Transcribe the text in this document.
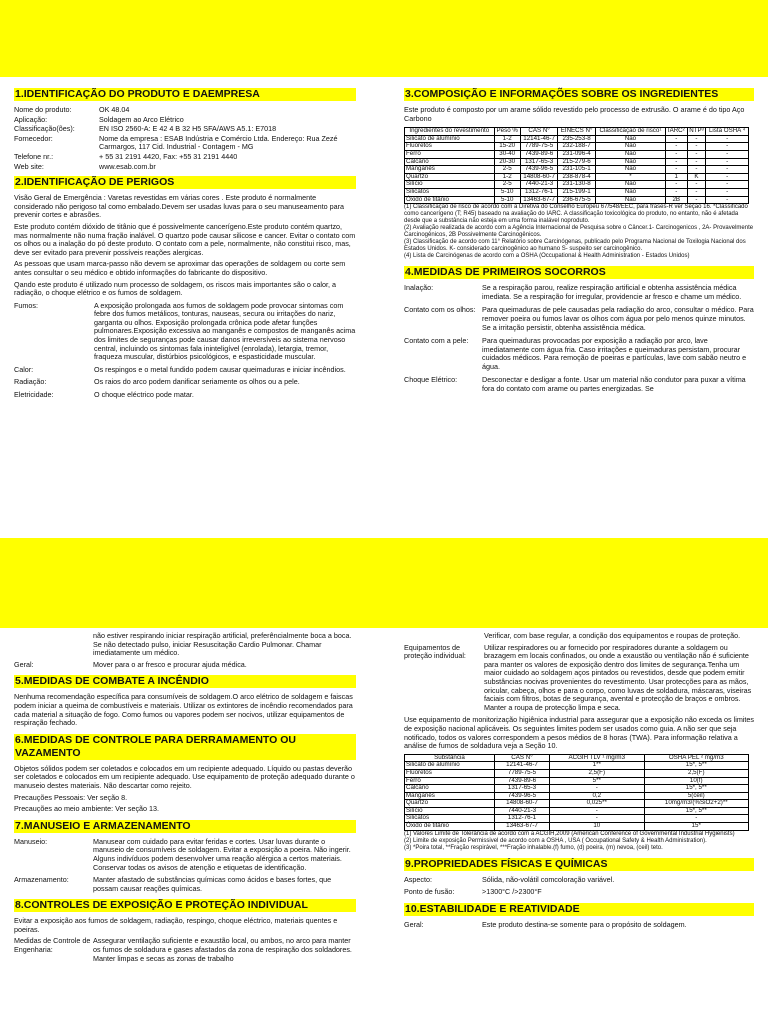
1.IDENTIFICAÇÃO DO PRODUTO E DAEMPRESA
Nome do produto:	OK 48.04
Aplicação:	Soldagem ao Arco Elétrico
Classificação(ões):	EN ISO 2560-A: E 42 4 B 32 H5 SFA/AWS A5.1: E7018
Fornecedor:	Nome da empresa : ESAB Indústria e Comércio Ltda. Endereço: Rua Zezé Carmargos, 117 Cid. Industrial - Contagem - MG
Telefone nr.:	+ 55 31 2191 4420, Fax: +55 31 2191 4440
Web site:	www.esab.com.br
2.IDENTIFICAÇÃO DE PERIGOS

Visão Geral de Emergência : Varetas revestidas em várias cores . Este produto é normalmente considerado não perigoso tal como embalado.Devem ser usadas luvas para o seu manuseamento para prevenir cortes e abrasões.

Este produto contém dióxido de titânio que é possivelmente cancerígeno.Este produto contém quartzo, mas normalmente não numa fração inalável. O quartzo pode causar silicose e cancer. Evitar o contato com os olhos ou a inalação do pó deste produto. O contato com a pele, normalmente, não constitui risco, mas, deve ser evitado para prevenir possíveis reações alergicas.

As pessoas que usam marca-passo não devem se aproximar das operações de soldagem ou corte sem antes consultar o seu médico e obtido informações do fabricante do dispositivo.

Qando este produto é utilizado num processo de soldagem, os riscos mais importantes são o calor, a radiação, o choque elétrico e os fumos de soldagem.

Fumos:	A exposição prolongada aos fumos de soldagem pode provocar sintomas com febre dos fumos metálicos, tonturas, nauseas, secura ou irritações do nariz, garganta ou olhos. Exposição prolongada crônica pode afetar funções pulmonares.Exposição excessiva ao manganês e compostos de manganês acima dos limites de seguranças pode causar danos irreversíveis ao sistema nervoso central, incluindo os sintomas fala ininteligível (enrolada), letargia, tremor, fraqueza muscular, distúrbios psicológicos, e espasticidade muscular.
Calor:	Os respingos e o metal fundido podem causar queimaduras e iniciar incêndios.
Radiação:	Os raios do arco podem danificar seriamente os olhos ou a pele.
Eletricidade:	O choque eléctrico pode matar.
3.COMPOSIÇÃO E INFORMAÇÕES SOBRE OS INGREDIENTES

Este produto é composto por um arame sólido revestido pelo processo de extrusão. O arame é do tipo Aço Carbono

Ingredientes do revestimento	Peso %	CAS N°	EINECS N°	Classificação de risco¹	IARC²	NTP³	Lista OSHA ⁴
Silicato de alumínio	1-2	12141-46-7	235-253-8	Não	-	-	-
Fluoretos	15-20	7789-75-5	232-188-7	Não	-	-	-
Ferro	30-40	7439-89-6	231-096-4	Não	-	-	-
Calcário	20-30	1317-65-3	215-279-6	Não	-	-	-
Manganês	2-5	7439-96-5	231-105-1	Não	-	-	-
Quartzo	1-2	14808-60-7	238-878-4	*	1	K	-
Silício	2-5	7440-21-3	231-130-8	Não	-	-	-
Silicatos	5-10	1312-76-1	215-199-1	Não	-	-	-
Óxido de titânio	5-10	13463-67-7	236-675-5	Não	2B	-	-

(1) Classificação de risco de acordo com a Diretiva do Conselho Europeu 67/548/EEC, para frases-R ver Seção 16. *Classificado como cancerígeno (T; R45) baseado na avaliação do IARC. A classificação toxicológica do produto, no entanto, não é afetada desde que a substância não esteja em uma forma inalável noproduto.

(2) Avaliação realizada de acordo com a Agência Internacional de Pesquisa sobre o Câncer.1- Carcinogenicos , 2A- Provavelmente Carcinogênicos, 2B Possivelmente Carcinogênicos.

(3) Classificação de acordo com 11° Relatório sobre Carcinógenas, publicado pelo Programa Nacional de Toxilogia Nacional dos Estados Unidos. K- considerado carcinogênico ao humano S- suspeito ser carcinogênico.

(4) Lista de Carcinógenas de acordo com a OSHA (Occupational & Health Administration - Estados Unidos)

4.MEDIDAS DE PRIMEIROS SOCORROS
Inalação:	Se a respiração parou, realize respiração artificial e obtenha assistência médica imediata. Se a respiração for irregular, providencie ar fresco e chame um médico.
Contato com os olhos: Para queimaduras de pele causadas pela radiação do arco, consultar o médico. Para remover poeira ou fumos lavar os olhos com água por pelo menos quinze minutos. Se a irritação persistir, obtenha assistência médica.
Contato com a pele:	Para queimaduras provocadas por exposição a radiação por arco, lave imediatamente com água fria. Caso irritações e queimaduras persistam, procurar cuidados médicos. Para remoção de poeiras e partículas, lave com sabão neutro e água.
Choque Elétrico:	Desconectar e desligar a fonte. Usar um material não condutor para puxar a vítima fora do contato com arame ou partes energizadas. Se

não estiver respirando iniciar respiração artificial, preferêncialmente boca a boca. Se não detectado pulso, iniciar Resuscitação Cardio Pulmonar. Chamar imediatamente um médico.

Geral:	Mover para o ar fresco e procurar ajuda médica.
5.MEDIDAS DE COMBATE A INCÊNDIO

Nenhuma recomendação específica para consumíveis de soldagem.O arco elétrico de soldagem e faiscas podem iniciar a queima de combustíveis e materiais. Utilizar os extintores de incêndio recomendados para cada material a situação de fogo. Como fumos ou vapores podem ser nocivos, utilizar equipamentos de respiração fechado.

6.MEDIDAS DE CONTROLE PARA DERRAMAMENTO OU VAZAMENTO

Objetos sólidos podem ser coletados e colocados em um recipiente adequado. Líquido ou pastas deverão ser coletados e colocados em um recipiente adequado. Use equipamento de proteção adequado durante o manuseio destes materiais. Não descartar como rejeito.

Precauções Pessoais: Ver seção 8.

Precauções ao meio ambiente: Ver seção 13.

7.MANUSEIO E ARMAZENAMENTO
Manuseio:	Manusear com cuidado para evitar feridas e cortes. Usar luvas durante o manuseio de consumíveis de soldagem. Evitar a exposição a poeira. Não ingerir. Alguns indivíduos podem desenvolver uma reação alérgica a certos materiais. Conservar todas os avisos de atenção e etiquetas de identificação.
Armazenamento:	Manter afastado de substâncias químicas como ácidos e bases fortes, que possam causar reações químicas.
8.CONTROLES DE EXPOSIÇÃO E PROTEÇÃO INDIVIDUAL

Evitar a exposição aos fumos de soldagem, radiação, respingo, choque eléctrico, materiais quentes e poeiras.

Medidas de Controle de Engenharia:
Assegurar ventilação suficiente e exaustão local, ou ambos, no arco para manter os fumos de soldadura e gases afastados da zona de respiração dos soldadores. Manter limpas e secas as zonas de trabalho

Verificar, com base regular, a condição dos equipamentos e roupas de proteção.

Equipamentos de proteção individual:
Utilizar respiradores ou ar fornecido por respiradores durante a soldagem ou brazagem em locais confinados, ou onde a exaustão ou ventilação não é suficiente para manter os valores de exposição dentro dos limites de segurança.Tenha um maior cuidado ao soldagem aços pintados ou revestidos, desde que podem emitir substâncias nocivas provenientes do revestimento. Usar protecções para as mãos, oricular, cabeça, olhos e para o corpo, como luvas de soldadura, máscaras, viseiras faciais com filtros, botas de segurança, avental e protecção de braços e ombros. Manter a roupa de protecção limpa e seca.

Use equipamento de monitorização higiênica industrial para assegurar que a exposição não exceda os limites de exposição nacional aplicáveis. Os seguintes limites podem ser usados como guia. A não ser que seja notificado, todos os valores correspondem a pesos médios de 8 horas (TWA). Para informação relativa a análise de fumos de soldadura veja a Seção 10.

Substância	CAS N°	ACGIH TLV ¹ mg/m3	OSHA PEL ² mg/m3
Silicato de alumínio	12141-46-7	1**	15*, 5**
Fluoretos	7789-75-5	2,5(F)	2,5(F)
Ferro	7439-89-6	5**	10(f)
Calcário	1317-65-3	-	15*, 5**
Manganês	7439-96-5	0,2	5(ceil)
Quartzo	14808-60-7	0,025**	10mg/m3/(%SiO2+2)**
Silício	7440-21-3	-	15*, 5**
Silicatos	1312-76-1	-	-
Óxido de titânio	13463-67-7	10	15*

(1) Valores Limite de Tolerância de acordo com a ACGIH,2009 (American Conference of Governmental Industrial Hygienists)

(2) Limite de exposição Permissivel de acordo com a OSHA , USA ( Occupational Safety & Health Administration).

(3) *Poira total, **Fração respirável, ***Fração inhalable.(f) fumo, (d) poeira, (m) nevoa, (ceil) teto.

9.PROPRIEDADES FÍSICAS E QUÍMICAS
Aspecto:	Sólida, não-volátil comcoloração variável.
Ponto de fusão:	>1300°C />2300°F
10.ESTABILIDADE E REATIVIDADE
Geral:	Este produto destina-se somente para o propósito de soldagem.
